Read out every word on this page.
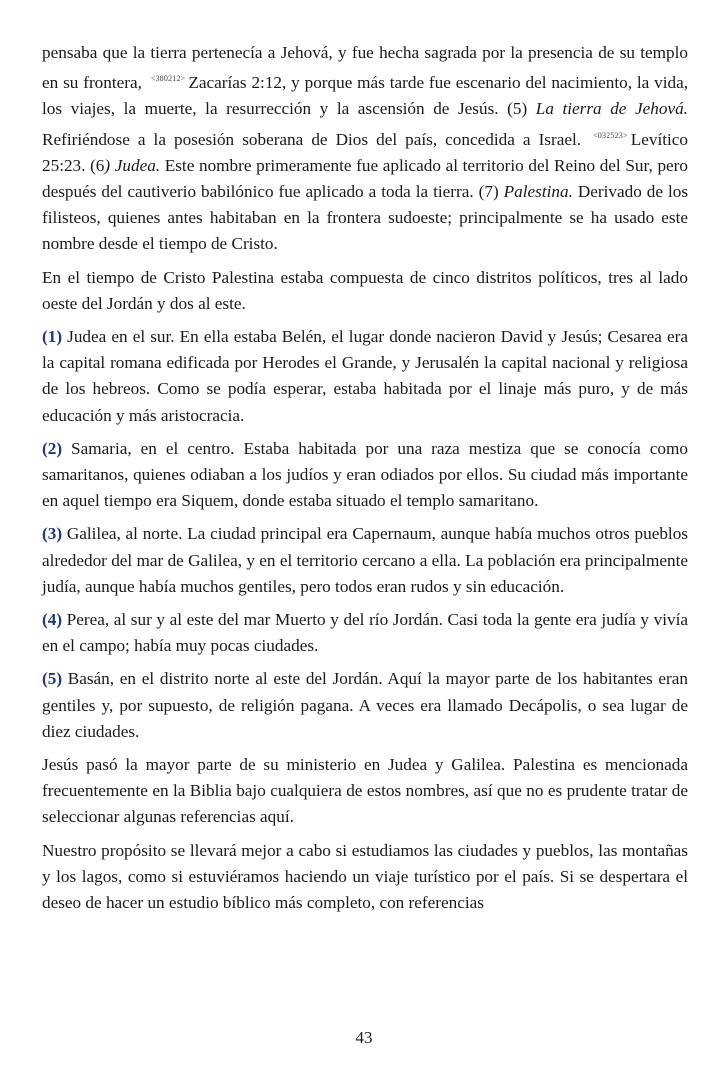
pensaba que la tierra pertenecía a Jehová, y fue hecha sagrada por la presencia de su templo en su frontera, $^{<380212>}$ Zacarías 2:12, y porque más tarde fue escenario del nacimiento, la vida, los viajes, la muerte, la resurrección y la ascensión de Jesús. (5) La tierra de Jehová. Refiriéndose a la posesión soberana de Dios del país, concedida a Israel. $^{<032523>}$ Levítico 25:23. (6) Judea. Este nombre primeramente fue aplicado al territorio del Reino del Sur, pero después del cautiverio babilónico fue aplicado a toda la tierra. (7) Palestina. Derivado de los filisteos, quienes antes habitaban en la frontera sudoeste; principalmente se ha usado este nombre desde el tiempo de Cristo.

En el tiempo de Cristo Palestina estaba compuesta de cinco distritos políticos, tres al lado oeste del Jordán y dos al este.

(1) Judea en el sur. En ella estaba Belén, el lugar donde nacieron David y Jesús; Cesarea era la capital romana edificada por Herodes el Grande, y Jerusalén la capital nacional y religiosa de los hebreos. Como se podía esperar, estaba habitada por el linaje más puro, y de más educación y más aristocracia.

(2) Samaria, en el centro. Estaba habitada por una raza mestiza que se conocía como samaritanos, quienes odiaban a los judíos y eran odiados por ellos. Su ciudad más importante en aquel tiempo era Siquem, donde estaba situado el templo samaritano.

(3) Galilea, al norte. La ciudad principal era Capernaum, aunque había muchos otros pueblos alrededor del mar de Galilea, y en el territorio cercano a ella. La población era principalmente judía, aunque había muchos gentiles, pero todos eran rudos y sin educación.

(4) Perea, al sur y al este del mar Muerto y del río Jordán. Casi toda la gente era judía y vivía en el campo; había muy pocas ciudades.

(5) Basán, en el distrito norte al este del Jordán. Aquí la mayor parte de los habitantes eran gentiles y, por supuesto, de religión pagana. A veces era llamado Decápolis, o sea lugar de diez ciudades.

Jesús pasó la mayor parte de su ministerio en Judea y Galilea. Palestina es mencionada frecuentemente en la Biblia bajo cualquiera de estos nombres, así que no es prudente tratar de seleccionar algunas referencias aquí.

Nuestro propósito se llevará mejor a cabo si estudiamos las ciudades y pueblos, las montañas y los lagos, como si estuviéramos haciendo un viaje turístico por el país. Si se despertara el deseo de hacer un estudio bíblico más completo, con referencias

43
